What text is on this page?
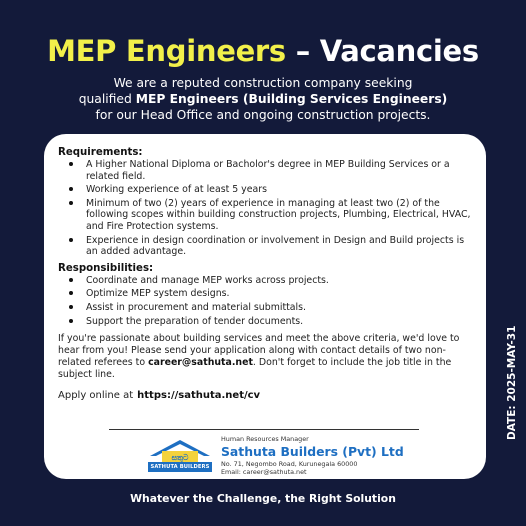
MEP Engineers – Vacancies
We are a reputed construction company seeking
qualified MEP Engineers (Building Services Engineers)
for our Head Office and ongoing construction projects.
Requirements:
A Higher National Diploma or Bacholor's degree in MEP Building Services or a related field.
Working experience of at least 5 years
Minimum of two (2) years of experience in managing at least two (2) of the following scopes within building construction projects, Plumbing, Electrical, HVAC, and Fire Protection systems.
Experience in design coordination or involvement in Design and Build projects is an added advantage.
Responsibilities:
Coordinate and manage MEP works across projects.
Optimize MEP system designs.
Assist in procurement and material submittals.
Support the preparation of tender documents.

If you're passionate about building services and meet the above criteria, we'd love to hear from you! Please send your application along with contact details of two non-related referees to career@sathuta.net. Don't forget to include the job title in the subject line.

Apply online at https://sathuta.net/cv

සතුට
SATHUTA BUILDERS
Human Resources Manager
Sathuta Builders (Pvt) Ltd
No. 71, Negombo Road, Kurunegala 60000
Email: career@sathuta.net
DATE: 2025-MAY-31
Whatever the Challenge, the Right Solution
